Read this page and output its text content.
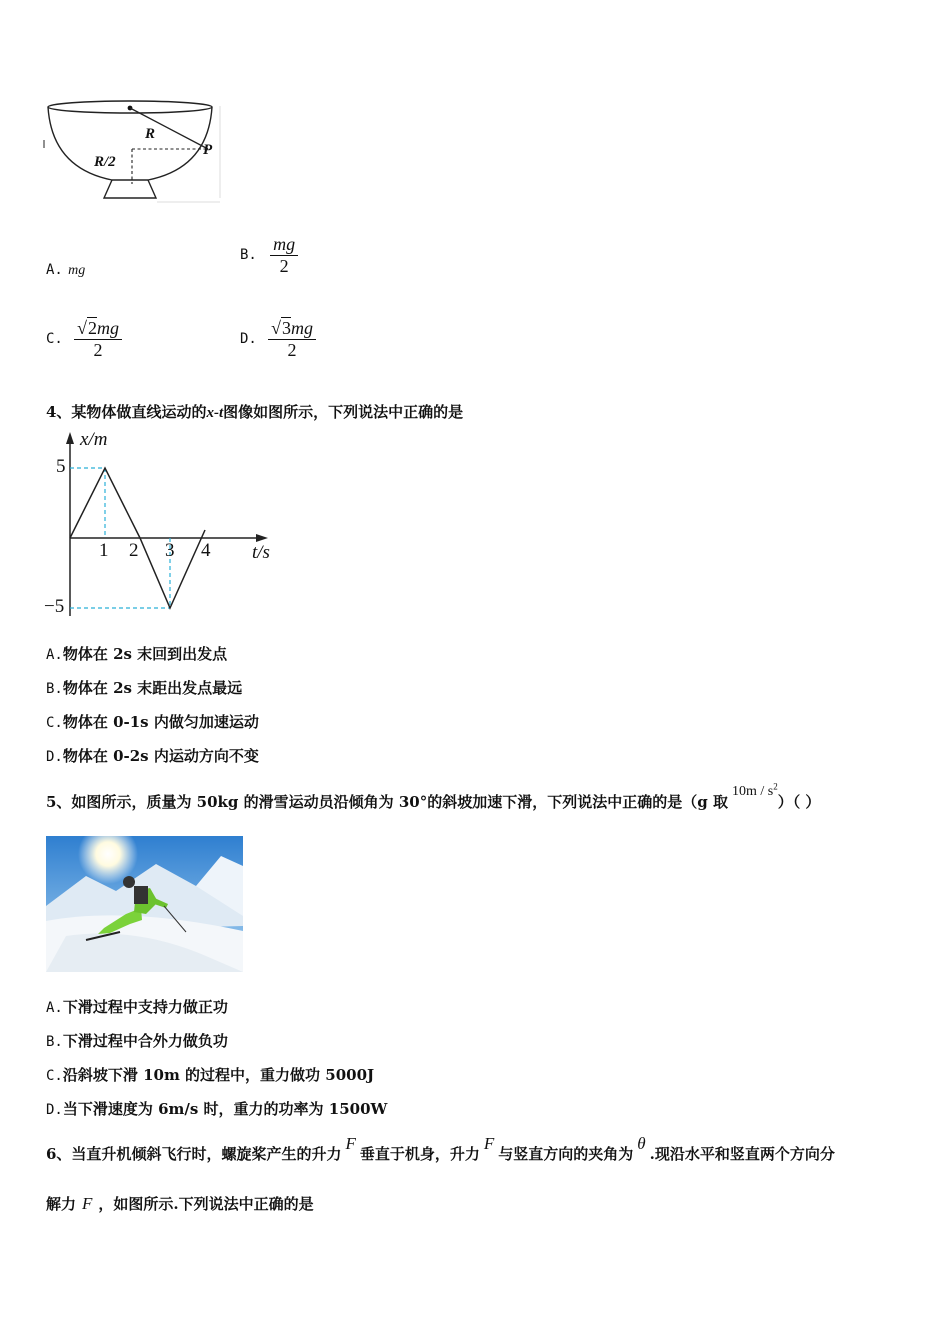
R
R/2
P
A. mg
B. $\frac{mg}{2}$
C. $\frac{√2mg}{2}$	D. $\frac{√3mg}{2}$
4、某物体做直线运动的x-t图像如图所示，下列说法中正确的是
x/m
t/s
5
−5
1 2 3 4
A.物体在 2s 末回到出发点
B.物体在 2s 末距出发点最远
C.物体在 0-1s 内做匀加速运动
D.物体在 0-2s 内运动方向不变
5、如图所示，质量为 50kg 的滑雪运动员沿倾角为 30°的斜坡加速下滑，下列说法中正确的是（g 取$10m / s^2$）（ ）
A.下滑过程中支持力做正功
B.下滑过程中合外力做负功
C.沿斜坡下滑 10m 的过程中，重力做功 5000J
D.当下滑速度为 6m/s 时，重力的功率为 1500W
6、当直升机倾斜飞行时，螺旋桨产生的升力F垂直于机身，升力F与竖直方向的夹角为θ.现沿水平和竖直两个方向分
解力 F ，如图所示.下列说法中正确的是
